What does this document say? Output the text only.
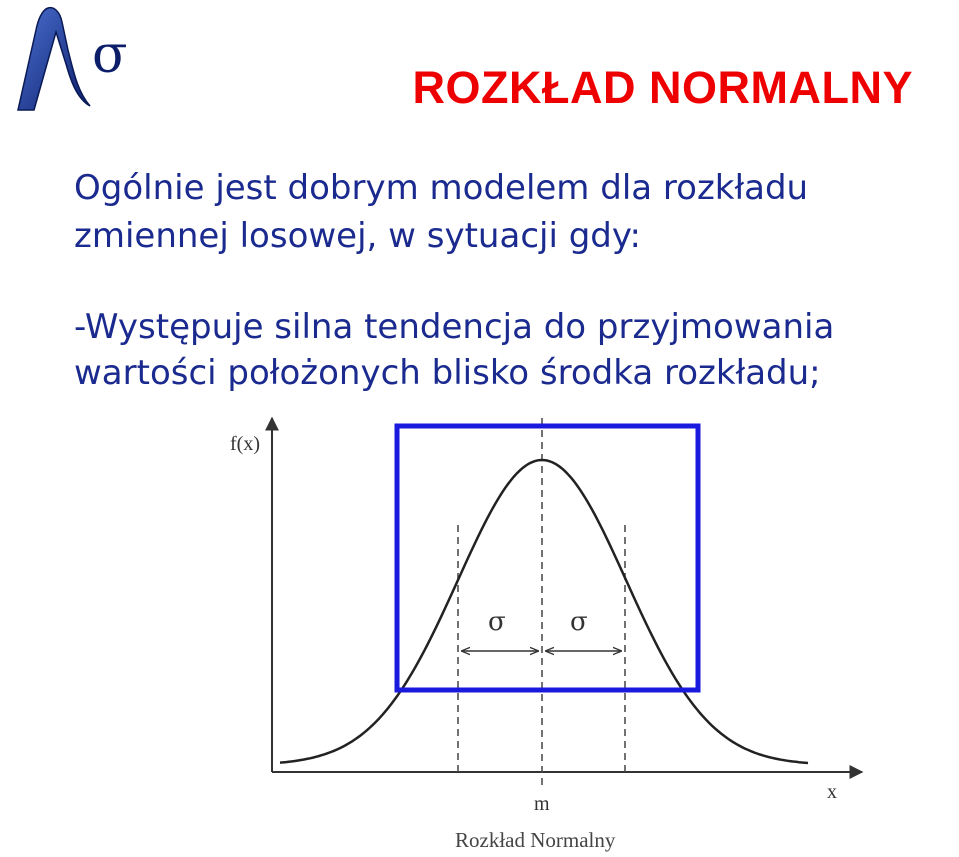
σ
ROZKŁAD NORMALNY
Ogólnie jest dobrym modelem dla rozkładu
zmiennej losowej, w sytuacji gdy:
-Występuje silna tendencja do przyjmowania
wartości położonych blisko środka rozkładu;
f(x)
x
m
σ σ
Rozkład Normalny
